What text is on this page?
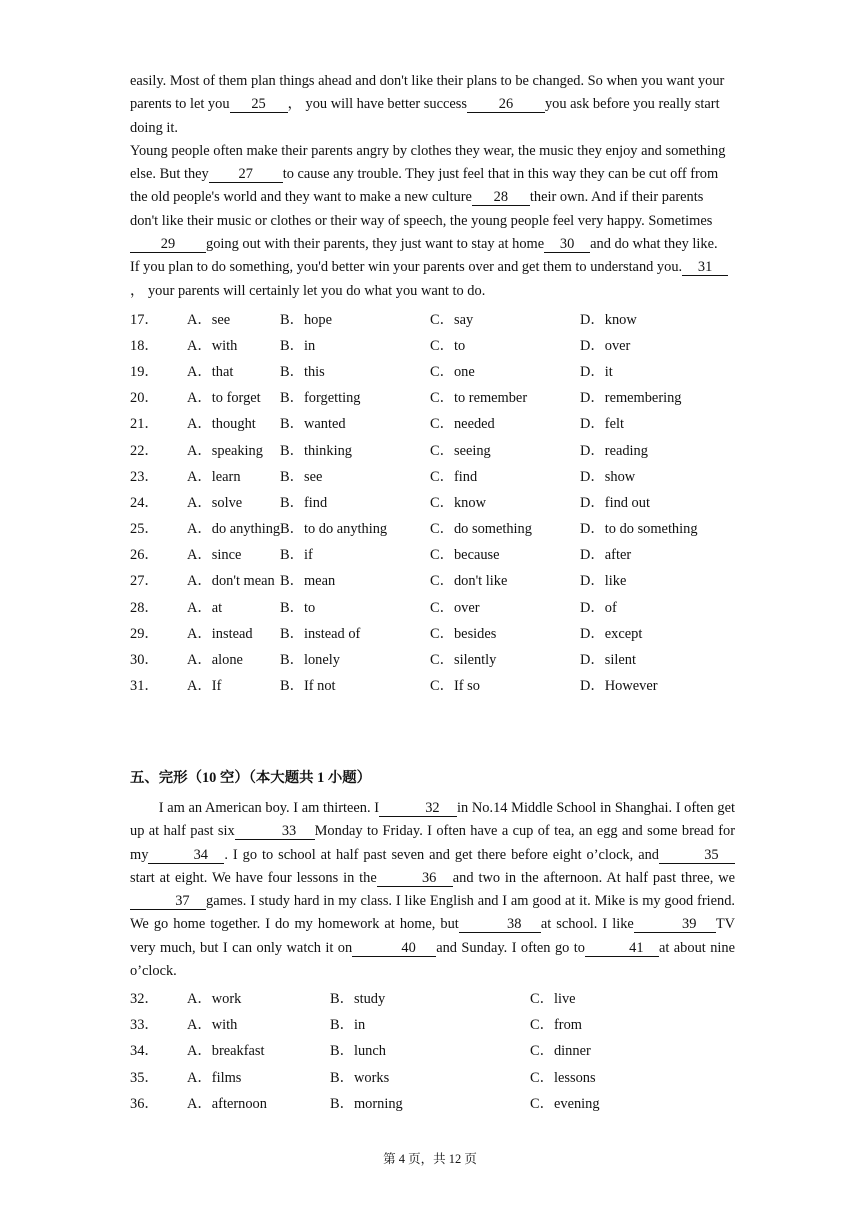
easily. Most of them plan things ahead and don't like their plans to be changed. So when you want your parents to let you 25 ， you will have better success 26 you ask before you really start doing it.

Young people often make their parents angry by clothes they wear, the music they enjoy and something else. But they 27 to cause any trouble. They just feel that in this way they can be cut off from the old people's world and they want to make a new culture 28 their own. And if their parents don't like their music or clothes or their way of speech, the young people feel very happy. Sometimes29 going out with their parents, they just want to stay at home 30 and do what they like.

If you plan to do something, you'd better win your parents over and get them to understand you. 31， your parents will certainly let you do what you want to do.

17．	A．see	B．hope	C．say	D．know
18．	A．with	B．in	C．to	D．over
19．	A．that	B．this	C．one	D．it
20．	A．to forget	B．forgetting	C．to remember	D．remembering
21．	A．thought	B．wanted	C．needed	D．felt
22．	A．speaking	B．thinking	C．seeing	D．reading
23．	A．learn	B．see	C．find	D．show
24．	A．solve	B．find	C．know	D．find out
25．	A．do anything B．to do anything	C．do something	D．to do something
26．	A．since	B．if	C．because	D．after
27．	A．don't mean B．mean	C．don't like	D．like
28．	A．at	B．to	C．over	D．of
29．	A．instead	B．instead of	C．besides	D．except
30．	A．alone	B．lonely	C．silently	D．silent
31．	A．If	B．If not	C．If so	D．However

五、完形（10 空）（本大题共 1 小题）

I am an American boy. I am thirteen. I	32 in No.14 Middle School in Shanghai. I often get up at half past six	33 Monday to Friday. I often have a cup of tea, an egg and some bread for my	34 . I go to school at half past seven and get there before eight o’clock, and	35start at eight. We have four lessons in the	36 and two in the afternoon. At half past three, we37 games. I study hard in my class. I like English and I am good at it. Mike is my good friend. We go home together. I do my homework at home, but	38 at school. I like	39 TV very much, but I can only watch it on	40 and Sunday. I often go to	41 at about nine o’clock.

32．	A．work	B．study	C．live
33．	A．with	B．in	C．from
34．	A．breakfast	B．lunch	C．dinner
35．	A．films	B．works	C．lessons
36．	A．afternoon	B．morning	C．evening
第 4 页，共 12 页
